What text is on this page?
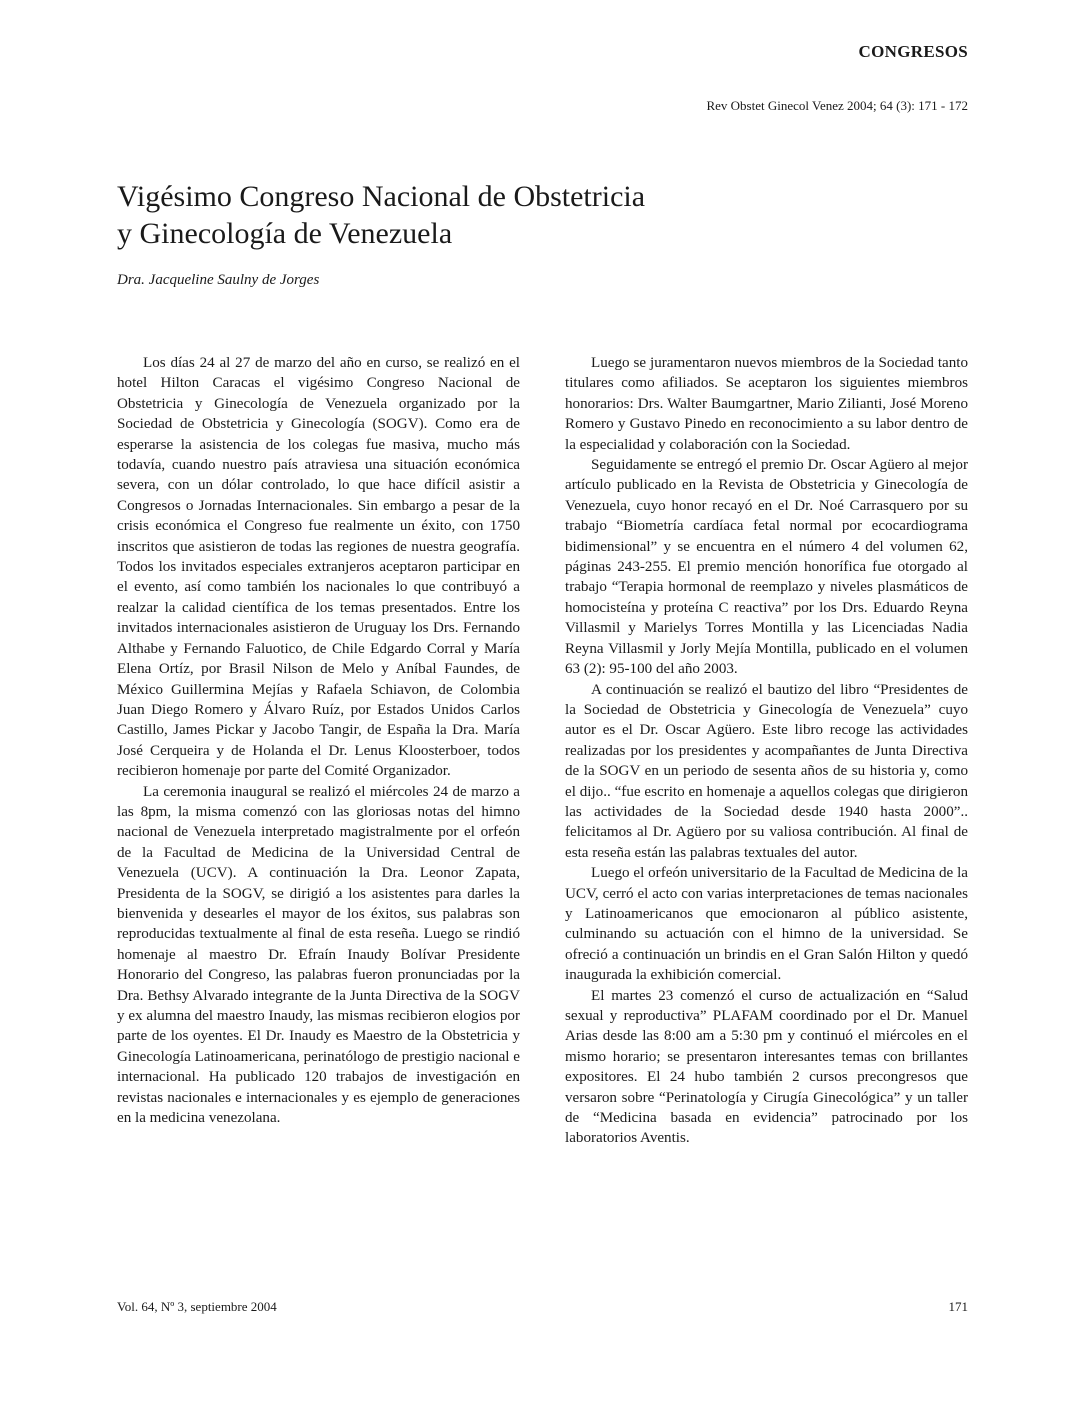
CONGRESOS
Rev Obstet Ginecol Venez 2004; 64 (3): 171 - 172
Vigésimo Congreso Nacional de Obstetricia
y Ginecología de Venezuela
Dra. Jacqueline Saulny de Jorges

Los días 24 al 27 de marzo del año en curso, se realizó en el hotel Hilton Caracas el vigésimo Congreso Nacional de Obstetricia y Ginecología de Venezuela organizado por la Sociedad de Obstetricia y Ginecología (SOGV). Como era de esperarse la asistencia de los colegas fue masiva, mucho más todavía, cuando nuestro país atraviesa una situación económica severa, con un dólar controlado, lo que hace difícil asistir a Congresos o Jornadas Internacionales. Sin embargo a pesar de la crisis económica el Congreso fue realmente un éxito, con 1750 inscritos que asistieron de todas las regiones de nuestra geografía. Todos los invitados especiales extranjeros aceptaron participar en el evento, así como también los nacionales lo que contribuyó a realzar la calidad científica de los temas presentados. Entre los invitados internacionales asistieron de Uruguay los Drs. Fernando Althabe y Fernando Faluotico, de Chile Edgardo Corral y María Elena Ortíz, por Brasil Nilson de Melo y Aníbal Faundes, de México Guillermina Mejías y Rafaela Schiavon, de Colombia Juan Diego Romero y Álvaro Ruíz, por Estados Unidos Carlos Castillo, James Pickar y Jacobo Tangir, de España la Dra. María José Cerqueira y de Holanda el Dr. Lenus Kloosterboer, todos recibieron homenaje por parte del Comité Organizador.

La ceremonia inaugural se realizó el miércoles 24 de marzo a las 8pm, la misma comenzó con las gloriosas notas del himno nacional de Venezuela interpretado magistralmente por el orfeón de la Facultad de Medicina de la Universidad Central de Venezuela (UCV). A continuación la Dra. Leonor Zapata, Presidenta de la SOGV, se dirigió a los asistentes para darles la bienvenida y desearles el mayor de los éxitos, sus palabras son reproducidas textualmente al final de esta reseña. Luego se rindió homenaje al maestro Dr. Efraín Inaudy Bolívar Presidente Honorario del Congreso, las palabras fueron pronunciadas por la Dra. Bethsy Alvarado integrante de la Junta Directiva de la SOGV y ex alumna del maestro Inaudy, las mismas recibieron elogios por parte de los oyentes. El Dr. Inaudy es Maestro de la Obstetricia y Ginecología Latinoamericana, perinatólogo de prestigio nacional e internacional. Ha publicado 120 trabajos de investigación en revistas nacionales e internacionales y es ejemplo de generaciones en la medicina venezolana.

Luego se juramentaron nuevos miembros de la Sociedad tanto titulares como afiliados. Se aceptaron los siguientes miembros honorarios: Drs. Walter Baumgartner, Mario Zilianti, José Moreno Romero y Gustavo Pinedo en reconocimiento a su labor dentro de la especialidad y colaboración con la Sociedad.

Seguidamente se entregó el premio Dr. Oscar Agüero al mejor artículo publicado en la Revista de Obstetricia y Ginecología de Venezuela, cuyo honor recayó en el Dr. Noé Carrasquero por su trabajo “Biometría cardíaca fetal normal por ecocardiograma bidimensional” y se encuentra en el número 4 del volumen 62, páginas 243-255. El premio mención honorífica fue otorgado al trabajo “Terapia hormonal de reemplazo y niveles plasmáticos de homocisteína y proteína C reactiva” por los Drs. Eduardo Reyna Villasmil y Marielys Torres Montilla y las Licenciadas Nadia Reyna Villasmil y Jorly Mejía Montilla, publicado en el volumen 63 (2): 95-100 del año 2003.

A continuación se realizó el bautizo del libro “Presidentes de la Sociedad de Obstetricia y Ginecología de Venezuela” cuyo autor es el Dr. Oscar Agüero. Este libro recoge las actividades realizadas por los presidentes y acompañantes de Junta Directiva de la SOGV en un periodo de sesenta años de su historia y, como el dijo.. “fue escrito en homenaje a aquellos colegas que dirigieron las actividades de la Sociedad desde 1940 hasta 2000”.. felicitamos al Dr. Agüero por su valiosa contribución. Al final de esta reseña están las palabras textuales del autor.

Luego el orfeón universitario de la Facultad de Medicina de la UCV, cerró el acto con varias interpretaciones de temas nacionales y Latinoamericanos que emocionaron al público asistente, culminando su actuación con el himno de la universidad. Se ofreció a continuación un brindis en el Gran Salón Hilton y quedó inaugurada la exhibición comercial.

El martes 23 comenzó el curso de actualización en “Salud sexual y reproductiva” PLAFAM coordinado por el Dr. Manuel Arias desde las 8:00 am a 5:30 pm y continuó el miércoles en el mismo horario; se presentaron interesantes temas con brillantes expositores. El 24 hubo también 2 cursos precongresos que versaron sobre “Perinatología y Cirugía Ginecológica” y un taller de “Medicina basada en evidencia” patrocinado por los laboratorios Aventis.

Vol. 64, Nº 3, septiembre 2004	171
